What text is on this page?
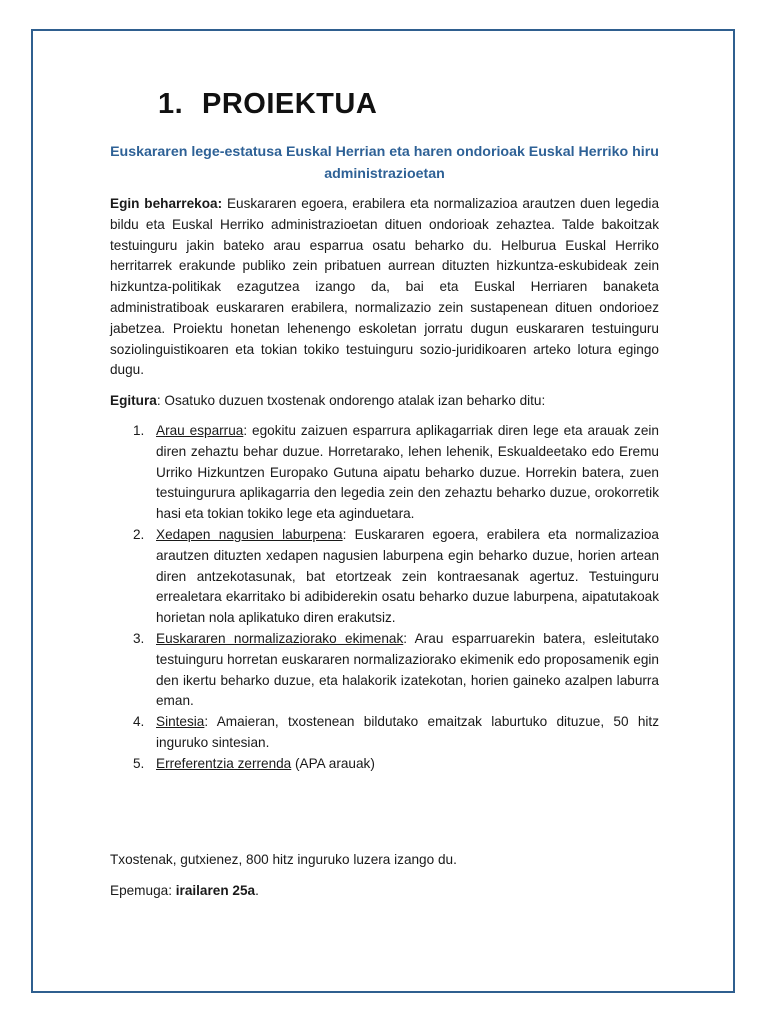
1. PROIEKTUA

Euskararen lege-estatusa Euskal Herrian eta haren ondorioak Euskal Herriko hiru administrazioetan

Egin beharrekoa: Euskararen egoera, erabilera eta normalizazioa arautzen duen legedia bildu eta Euskal Herriko administrazioetan dituen ondorioak zehaztea. Talde bakoitzak testuinguru jakin bateko arau esparrua osatu beharko du. Helburua Euskal Herriko herritarrek erakunde publiko zein pribatuen aurrean dituzten hizkuntza-eskubideak zein hizkuntza-politikak ezagutzea izango da, bai eta Euskal Herriaren banaketa administratiboak euskararen erabilera, normalizazio zein sustapenean dituen ondorioez jabetzea. Proiektu honetan lehenengo eskoletan jorratu dugun euskararen testuinguru soziolinguistikoaren eta tokian tokiko testuinguru sozio-juridikoaren arteko lotura egingo dugu.

Egitura: Osatuko duzuen txostenak ondorengo atalak izan beharko ditu:

1. Arau esparrua: egokitu zaizuen esparrura aplikagarriak diren lege eta arauak zein diren zehaztu behar duzue. Horretarako, lehen lehenik, Eskualdeetako edo Eremu Urriko Hizkuntzen Europako Gutuna aipatu beharko duzue. Horrekin batera, zuen testuingurura aplikagarria den legedia zein den zehaztu beharko duzue, orokorretik hasi eta tokian tokiko lege eta aginduetara.
2. Xedapen nagusien laburpena: Euskararen egoera, erabilera eta normalizazioa arautzen dituzten xedapen nagusien laburpena egin beharko duzue, horien artean diren antzekotasunak, bat etortzeak zein kontraesanak agertuz. Testuinguru errealetara ekarritako bi adibiderekin osatu beharko duzue laburpena, aipatutakoak horietan nola aplikatuko diren erakutsiz.
3. Euskararen normalizaziorako ekimenak: Arau esparruarekin batera, esleitutako testuinguru horretan euskararen normalizaziorako ekimenik edo proposamenik egin den ikertu beharko duzue, eta halakorik izatekotan, horien gaineko azalpen laburra eman.
4. Sintesia: Amaieran, txostenean bildutako emaitzak laburtuko dituzue, 50 hitz inguruko sintesian.
5. Erreferentzia zerrenda (APA arauak)

Txostenak, gutxienez, 800 hitz inguruko luzera izango du.

Epemuga: irailaren 25a.
